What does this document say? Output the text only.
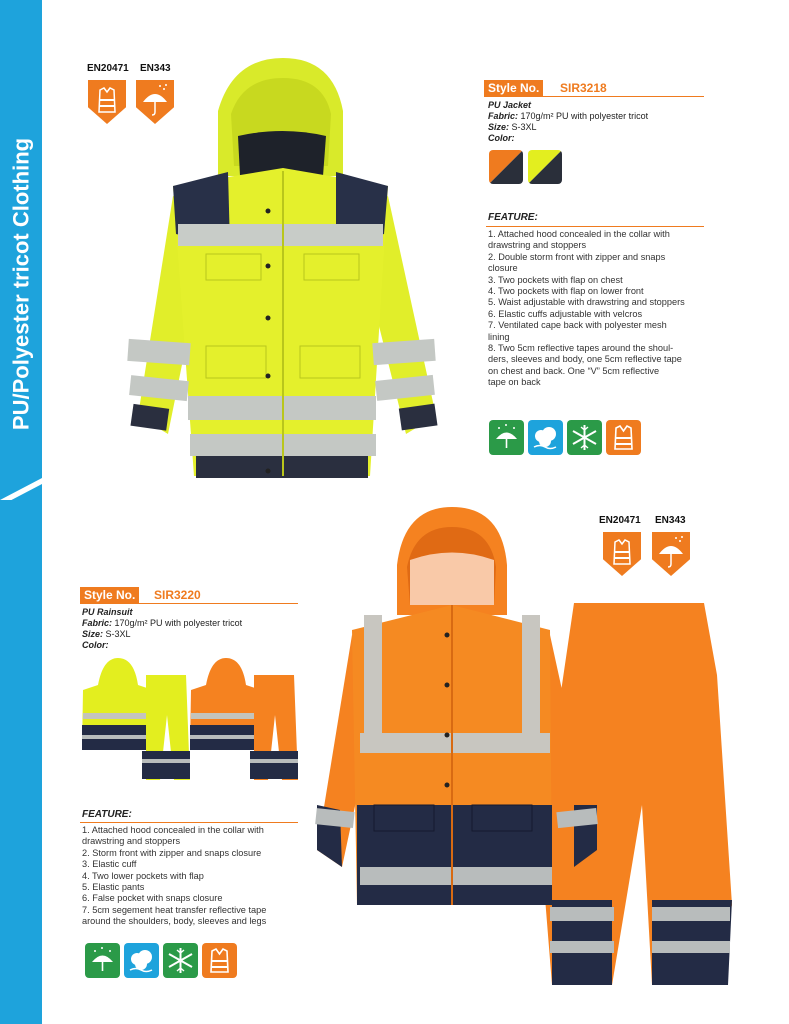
PU/Polyester tricot Clothing
EN20471 EN343
Style No.	SIR3218
PU Jacket
Fabric: 170g/m² PU with polyester tricot
Size: S-3XL
Color:
FEATURE:
1. Attached hood concealed in the collar with
drawstring and stoppers
2. Double storm front with zipper and snaps
closure
3. Two pockets with flap on chest
4. Two pockets with flap on lower front
5. Waist adjustable with drawstring and stoppers
6. Elastic cuffs adjustable with velcros
7. Ventilated cape back with polyester mesh
lining
8. Two 5cm reflective tapes around the shoul-
ders, sleeves and body, one 5cm reflective tape
on chest and back. One “V” 5cm reflective
tape on back
EN20471 EN343
Style No.	SIR3220
PU Rainsuit
Fabric: 170g/m² PU with polyester tricot
Size: S-3XL
Color:
FEATURE:
1. Attached hood concealed in the collar with
drawstring and stoppers
2. Storm front with zipper and snaps closure
3. Elastic cuff
4. Two lower pockets with flap
5. Elastic pants
6. False pocket with snaps closure
7. 5cm segement heat transfer reflective tape
around the shoulders, body, sleeves and legs
